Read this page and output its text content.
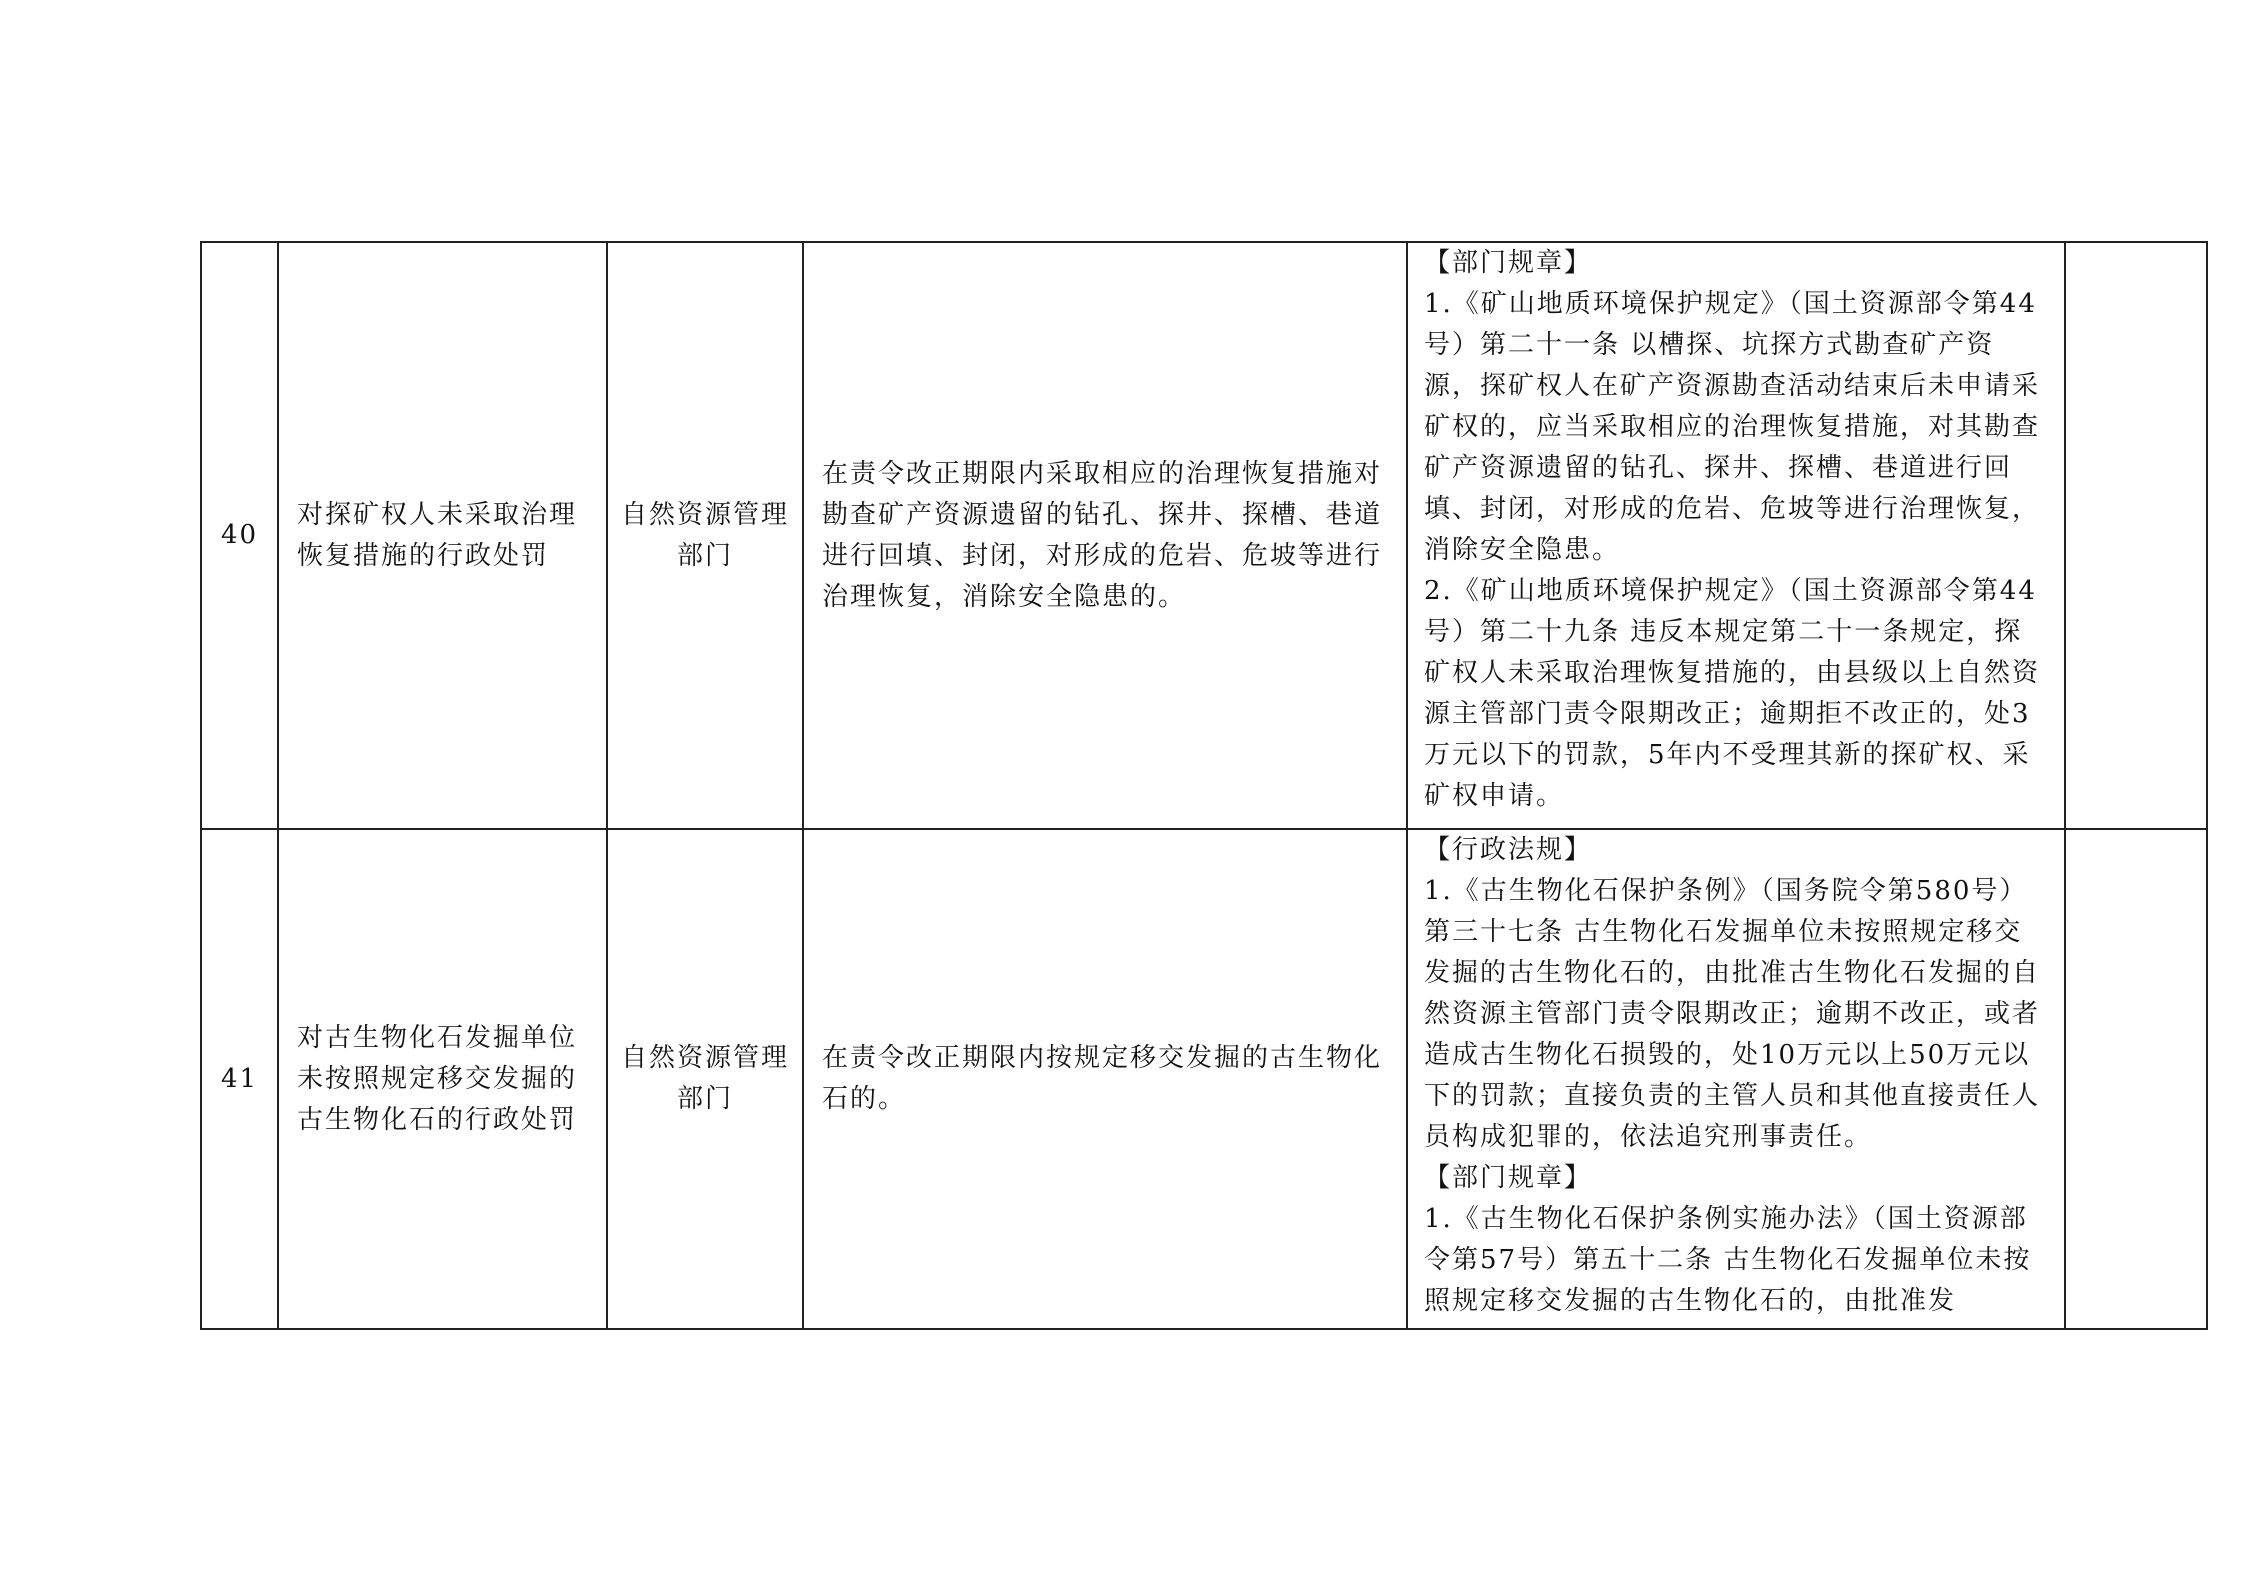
40	对探矿权人未采取治理恢复措施的行政处罚	自然资源管理部门	在责令改正期限内采取相应的治理恢复措施对勘查矿产资源遗留的钻孔、探井、探槽、巷道进行回填、封闭，对形成的危岩、危坡等进行治理恢复，消除安全隐患的。	【部门规章】
1.《矿山地质环境保护规定》（国土资源部令第44号）第二十一条 以槽探、坑探方式勘查矿产资源，探矿权人在矿产资源勘查活动结束后未申请采矿权的，应当采取相应的治理恢复措施，对其勘查矿产资源遗留的钻孔、探井、探槽、巷道进行回填、封闭，对形成的危岩、危坡等进行治理恢复，消除安全隐患。
2.《矿山地质环境保护规定》（国土资源部令第44号）第二十九条 违反本规定第二十一条规定，探矿权人未采取治理恢复措施的，由县级以上自然资源主管部门责令限期改正；逾期拒不改正的，处3万元以下的罚款，5年内不受理其新的探矿权、采矿权申请。	

41	对古生物化石发掘单位未按照规定移交发掘的古生物化石的行政处罚	自然资源管理部门	在责令改正期限内按规定移交发掘的古生物化石的。	【行政法规】
1.《古生物化石保护条例》（国务院令第580号）第三十七条 古生物化石发掘单位未按照规定移交发掘的古生物化石的，由批准古生物化石发掘的自然资源主管部门责令限期改正；逾期不改正，或者造成古生物化石损毁的，处10万元以上50万元以下的罚款；直接负责的主管人员和其他直接责任人员构成犯罪的，依法追究刑事责任。
【部门规章】
1.《古生物化石保护条例实施办法》（国土资源部令第57号）第五十二条 古生物化石发掘单位未按照规定移交发掘的古生物化石的，由批准发	
